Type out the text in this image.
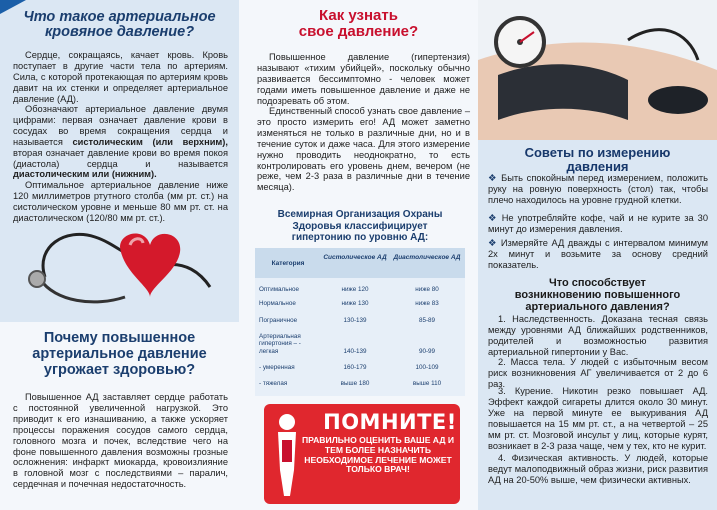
Что такое артериальное
кровяное давление?
Сердце, сокращаясь, качает кровь. Кровь поступает в другие части тела по артериям. Сила, с которой протекающая по артериям кровь давит на их стенки и определяет артериальное давление (АД).
Обозначают артериальное давление двумя цифрами: первая означает давление крови в сосудах во время сокращения сердца и называется систолическим (или верхним), вторая означает давление крови во время покоя (диастола) сердца и называется диастолическим или (нижним).
Оптимальное артериальное давление ниже 120 миллиметров ртутного столба (мм рт. ст.) на систолическом уровне и меньше 80 мм рт. ст. на диастолическом (120/80 мм рт. ст.).
Почему повышенное
артериальное давление
угрожает здоровью?
Повышенное АД заставляет сердце работать с постоянной увеличенной нагрузкой. Это приводит к его изнашиванию, а также ускоряет процессы поражения сосудов самого сердца, головного мозга и почек, вследствие чего на фоне повышенного давления возможны грозные осложнения: инфаркт миокарда, кровоизлияние в головной мозг с последствиями – паралич, сердечная и почечная недостаточность.
Как узнать
свое давление?
Повышенное давление (гипертензия) называют «тихим убийцей», поскольку обычно развивается бессимптомно - человек может годами иметь повышенное давление и даже не подозревать об этом.
Единственный способ узнать свое давление – это просто измерить его! АД может заметно изменяться не только в различные дни, но и в течение суток и даже часа. Для этого измерение нужно проводить неоднократно, то есть контролировать его уровень днем, вечером (не реже, чем 2-3 раза в различные дни в течение месяца).
Всемирная Организация Охраны
Здоровья классифицирует
гипертонию по уровню АД:
Категория
Систолическое АД	Диастолическое АД
Оптимальное	ниже 120	ниже 80
Нормальное	ниже 130	ниже 83
Пограничное	130-139	85-89
Артериальная гипертония – - легкая	140-139	90-99
- умеренная	160-179	100-109
- тяжелая	выше 180	выше 110
ПОМНИТЕ!
ПРАВИЛЬНО ОЦЕНИТЬ ВАШЕ АД И ТЕМ БОЛЕЕ НАЗНАЧИТЬ НЕОБХОДИМОЕ ЛЕЧЕНИЕ МОЖЕТ ТОЛЬКО ВРАЧ!
Советы по измерению
давления
❖ Быть спокойным перед измерением, положить руку на ровную поверхность (стол) так, чтобы плечо находилось на уровне грудной клетки.
❖ Не употребляйте кофе, чай и не курите за 30 минут до измерения давления.
❖ Измеряйте АД дважды с интервалом минимум 2х минут и возьмите за основу средний показатель.
Что способствует
возникновению повышенного
артериального давления?
1. Наследственность. Доказана тесная связь между уровнями АД ближайших родственников, родителей и возможностью развития артериальной гипертонии у Вас.
2. Масса тела. У людей с избыточным весом риск возникновения АГ увеличивается от 2 до 6 раз.
3. Курение. Никотин резко повышает АД. Эффект каждой сигареты длится около 30 минут. Уже на первой минуте ее выкуривания АД повышается на 15 мм рт. ст., а на четвертой – 25 мм рт. ст. Мозговой инсульт у лиц, которые курят, возникает в 2-3 раза чаще, чем у тех, кто не курит.
4. Физическая активность. У людей, которые ведут малоподвижный образ жизни, риск развития АД на 20-50% выше, чем физически активных.
